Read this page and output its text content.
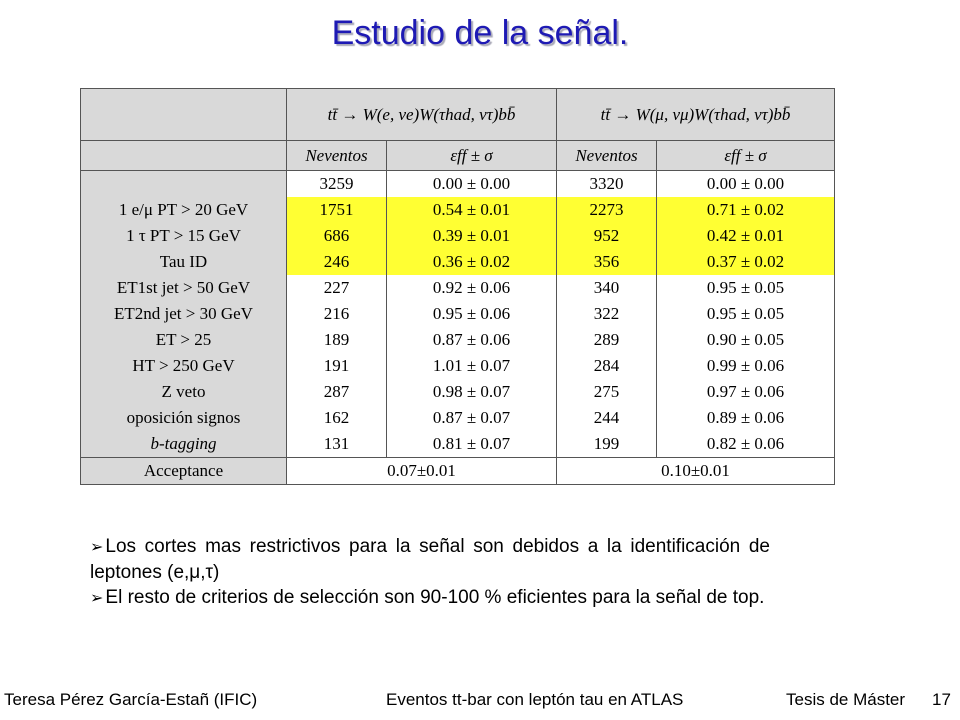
Estudio de la señal.
	tt̄ → W(e, νe)W(τhad, ντ)bb̄		tt̄ → W(μ, νμ)W(τhad, ντ)bb̄	
	Neventos	εff ± σ	Neventos	εff ± σ
	3259	0.00 ± 0.00	3320	0.00 ± 0.00
1 e/μ PT > 20 GeV	1751	0.54 ± 0.01	2273	0.71 ± 0.02
1 τ PT > 15 GeV	686	0.39 ± 0.01	952	0.42 ± 0.01
Tau ID	246	0.36 ± 0.02	356	0.37 ± 0.02
ET1st jet > 50 GeV	227	0.92 ± 0.06	340	0.95 ± 0.05
ET2nd jet > 30 GeV	216	0.95 ± 0.06	322	0.95 ± 0.05
ET > 25	189	0.87 ± 0.06	289	0.90 ± 0.05
HT > 250 GeV	191	1.01 ± 0.07	284	0.99 ± 0.06
Z veto	287	0.98 ± 0.07	275	0.97 ± 0.06
oposición signos	162	0.87 ± 0.07	244	0.89 ± 0.06
b-tagging	131	0.81 ± 0.07	199	0.82 ± 0.06
Acceptance	0.07±0.01		0.10±0.01	

➢ Los cortes mas restrictivos para la señal son debidos a la identificación de leptones (e,μ,τ)

➢ El resto de criterios de selección son 90-100 % eficientes para la señal de top.

Teresa Pérez García-Estañ (IFIC)	Eventos tt-bar con leptón tau en ATLAS	Tesis de Máster 17
